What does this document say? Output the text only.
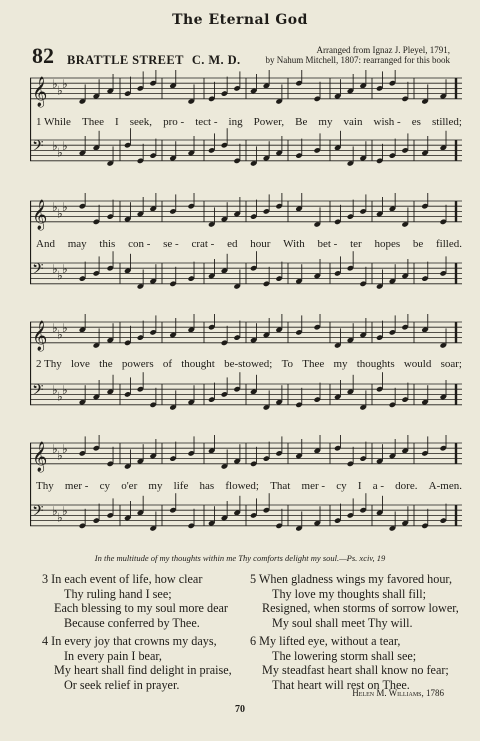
The Eternal God
82 BRATTLE STREET C. M. D.
Arranged from Ignaz J. Pleyel, 1791,
by Nahum Mitchell, 1807: rearranged for this book
𝄞 ♭ ♭ ♭
𝄢 ♭ ♭ ♭
1 While Thee I seek, pro - tect - ing Power, Be my vain wish - es stilled;
𝄞 ♭ ♭ ♭
𝄢 ♭ ♭ ♭
And may this con - se - crat - ed hour With bet - ter hopes be filled.
𝄞 ♭ ♭ ♭
𝄢 ♭ ♭ ♭
2 Thy love the powers of thought be-stowed; To Thee my thoughts would soar;
𝄞 ♭ ♭ ♭
𝄢 ♭ ♭ ♭
Thy mer - cy o'er my life has flowed; That mer - cy I a - dore. A-men.
In the multitude of my thoughts within me Thy comforts delight my soul.—Ps. xciv, 19
3 In each event of life, how clear
Thy ruling hand I see;
Each blessing to my soul more dear
Because conferred by Thee.
4 In every joy that crowns my days,
In every pain I bear,
My heart shall find delight in praise,
Or seek relief in prayer.
5 When gladness wings my favored hour,
Thy love my thoughts shall fill;
Resigned, when storms of sorrow lower,
My soul shall meet Thy will.
6 My lifted eye, without a tear,
The lowering storm shall see;
My steadfast heart shall know no fear;
That heart will rest on Thee.
Helen M. Williams, 1786
70
